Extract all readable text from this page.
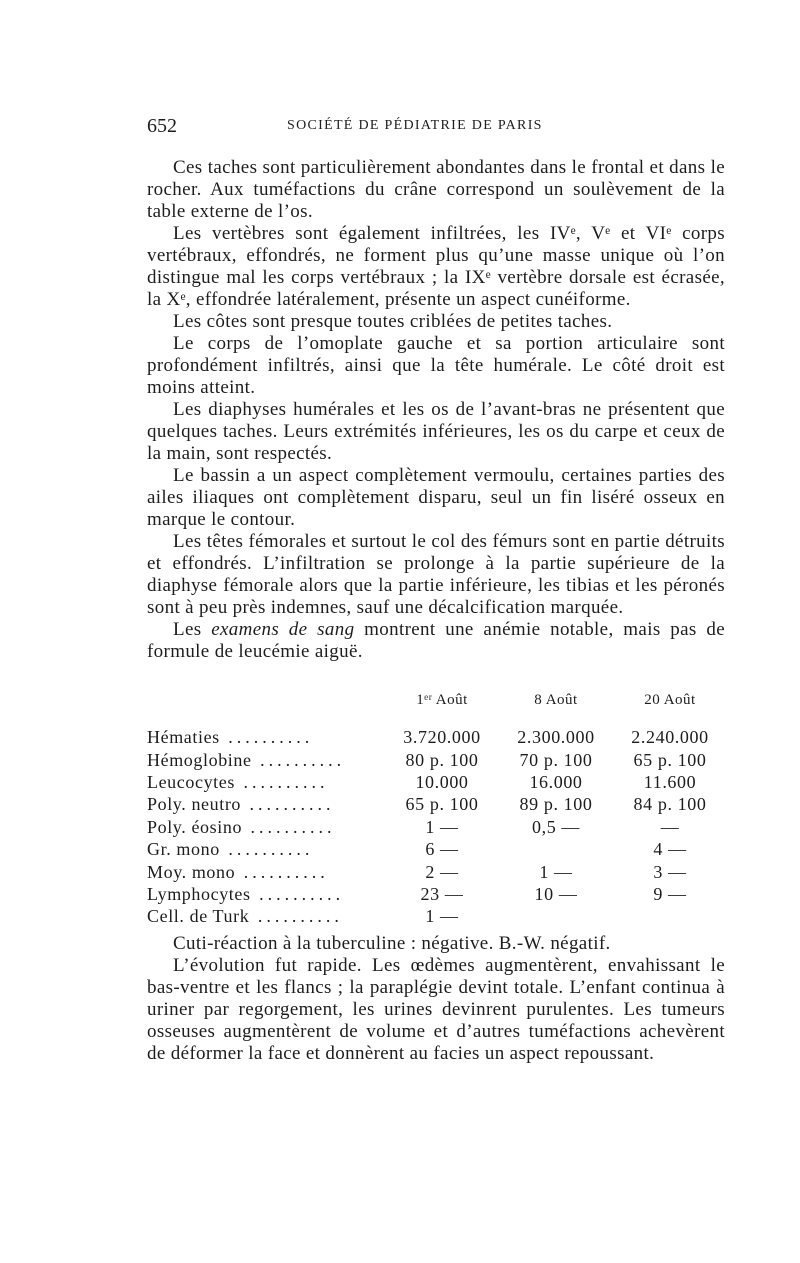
652	SOCIÉTÉ DE PÉDIATRIE DE PARIS

Ces taches sont particulièrement abondantes dans le frontal et dans le rocher. Aux tuméfactions du crâne correspond un soulèvement de la table externe de l’os.

Les vertèbres sont également infiltrées, les IVᵉ, Vᵉ et VIᵉ corps vertébraux, effondrés, ne forment plus qu’une masse unique où l’on distingue mal les corps vertébraux ; la IXᵉ vertèbre dorsale est écrasée, la Xᵉ, effondrée latéralement, présente un aspect cunéiforme.

Les côtes sont presque toutes criblées de petites taches.

Le corps de l’omoplate gauche et sa portion articulaire sont profondément infiltrés, ainsi que la tête humérale. Le côté droit est moins atteint.

Les diaphyses humérales et les os de l’avant-bras ne présentent que quelques taches. Leurs extrémités inférieures, les os du carpe et ceux de la main, sont respectés.

Le bassin a un aspect complètement vermoulu, certaines parties des ailes iliaques ont complètement disparu, seul un fin liséré osseux en marque le contour.

Les têtes fémorales et surtout le col des fémurs sont en partie détruits et effondrés. L’infiltration se prolonge à la partie supérieure de la diaphyse fémorale alors que la partie inférieure, les tibias et les péronés sont à peu près indemnes, sauf une décalcification marquée.

Les examens de sang montrent une anémie notable, mais pas de formule de leucémie aiguë.

	1ᵉʳ Août	8 Août	20 Août
Hématies ..........	3.720.000	2.300.000	2.240.000
Hémoglobine ..........	80 p. 100	70 p. 100	65 p. 100
Leucocytes ..........	10.000	16.000	11.600
Poly. neutro ..........	65 p. 100	89 p. 100	84 p. 100
Poly. éosino ..........	1 —	0,5 —	—
Gr. mono ..........	6 —		4 —
Moy. mono ..........	2 —	1 —	3 —
Lymphocytes ..........	23 —	10 —	9 —
Cell. de Turk ..........	1 —		

Cuti-réaction à la tuberculine : négative. B.-W. négatif.

L’évolution fut rapide. Les œdèmes augmentèrent, envahissant le bas-ventre et les flancs ; la paraplégie devint totale. L’enfant continua à uriner par regorgement, les urines devinrent purulentes. Les tumeurs osseuses augmentèrent de volume et d’autres tuméfactions achevèrent de déformer la face et donnèrent au facies un aspect repoussant.
